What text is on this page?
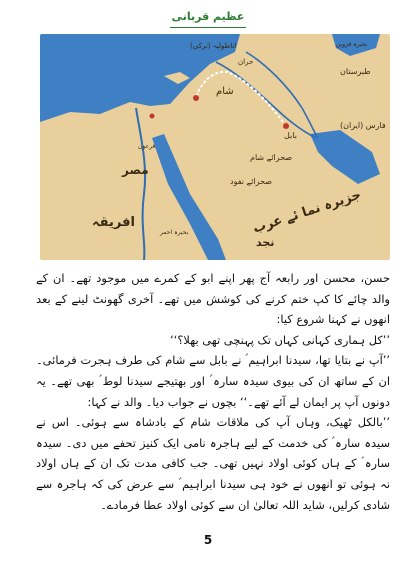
عظیم قربانی
افریقہ	جزیرہ نما ئے عرب
مصر
نجد
شام
بابل
فارس (ایران)
طبرستان
صحرائے شام
صحرائے نفود
حران
اناطولیہ (ترکی)	بحیرہ قزوین
فرعون
بحیرہ احمر

حسن، محسن اور رابعہ آج پھر اپنے ابو کے کمرے میں موجود تھے۔ ان کے والد چائے کا کپ ختم کرنے کی کوشش میں تھے۔ آخری گھونٹ لینے کے بعد انھوں نے کہنا شروع کیا:

’’کل ہماری کہانی کہاں تک پہنچی تھی بھلا؟‘‘

’’آپ نے بتایا تھا، سیدنا ابراہیم ؑ نے بابل سے شام کی طرف ہجرت فرمائی۔ ان کے ساتھ ان کی بیوی سیدہ سارہ ؑ اور بھتیجے سیدنا لوط ؑ بھی تھے۔ یہ دونوں آپ پر ایمان لے آئے تھے۔‘‘ بچوں نے جواب دیا۔ والد نے کہا:

’’بالکل ٹھیک، وہاں آپ کی ملاقات شام کے بادشاہ سے ہوئی۔ اس نے سیدہ سارہ ؑ کی خدمت کے لیے ہاجرہ نامی ایک کنیز تحفے میں دی۔ سیدہ سارہ ؑ کے ہاں کوئی اولاد نہیں تھی۔ جب کافی مدت تک ان کے ہاں اولاد نہ ہوئی تو انھوں نے خود ہی سیدنا ابراہیم ؑ سے عرض کی کہ ہاجرہ سے شادی کرلیں، شاید اللہ تعالیٰ ان سے کوئی اولاد عطا فرمادے۔

5
